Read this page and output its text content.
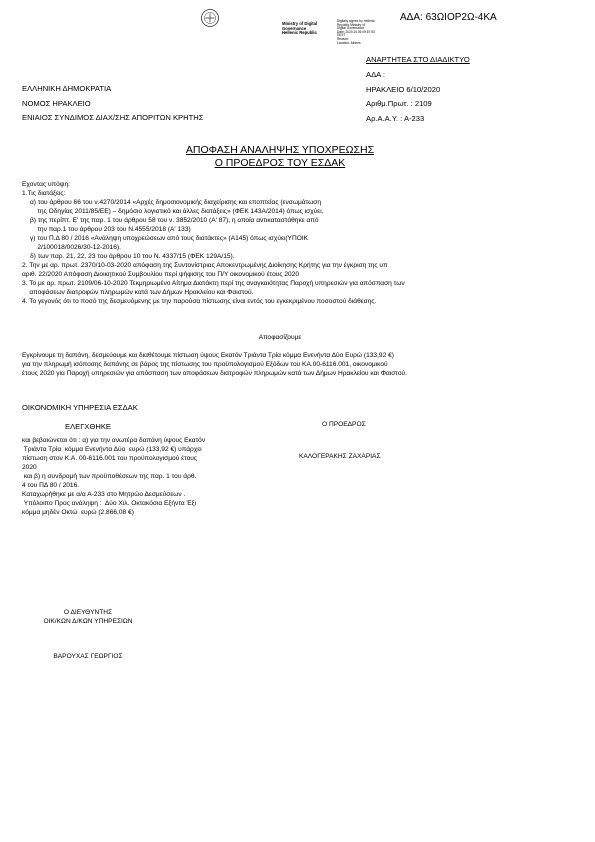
ΑΔΑ: 63ΩΙΟΡ2Ω-4ΚΑ
Ministry of Digital
Governance
Hellenic Republic
Digitally signed by Hellenic
Republic Ministry of
Digital Governance
Date: 2020.10.06 09:57:53
EEST
Reason:
Location: Athens
ΑΝΑΡΤΗΤΕΑ ΣΤΟ ΔΙΑΔΙΚΤΥΟ
ΑΔΑ :
ΗΡΑΚΛΕΙΟ 6/10/2020
Αριθμ.Πρωτ. : 2109
Αρ.Α.Α.Υ. : Α-233
ΕΛΛΗΝΙΚΗ ΔΗΜΟΚΡΑΤΙΑ
ΝΟΜΟΣ ΗΡΑΚΛΕΙΟ
ΕΝΙΑΙΟΣ ΣΥΝΔΙΜΟΣ ΔΙΑΧ/ΣΗΣ ΑΠΟΡΙΤΩΝ ΚΡΗΤΗΣ
ΑΠΟΦΑΣΗ ΑΝΑΛΗΨΗΣ ΥΠΟΧΡΕΩΣΗΣ
Ο ΠΡΟΕΔΡΟΣ ΤΟΥ ΕΣΔΑΚ
Εχοντας υπόψη:
1.Τις διατάξεις:
α) του άρθρου 66 του ν.4270/2014 «Αρχές δημοσιονομικής διαχείρισης και εποπτείας (ενσωμάτωση
της Οδηγίας 2011/85/ΕΕ) – δημόσιο λογιστικό και άλλες διατάξεις» (ΦΕΚ 143Α/2014) όπως ισχύει,
β) της περίπτ. Ε' της παρ. 1 του άρθρου 58 του ν. 3852/2010 (Α' 87), η οποία αντικαταστάθηκε από
την παρ.1 του άρθρου 203 του Ν.4555/2018 (Α' 133)
γ) του Π.Δ 80 / 2016 «Ανάληψη υποχρεώσεων από τους διατάκτες» (Α145) όπως ισχύει(ΥΠΟΙΚ
2/100018/0026/30-12-2016).
δ) των παρ. 21, 22, 23 του άρθρου 10 του Ν. 4337/15 (ΦΕΚ 129Α/15).
2. Την με αρ. πρωτ. 2370/10-03-2020 απόφαση της Συντονίστριας Αποκεντρωμένης Διοίκησης Κρήτης για την έγκριση της υπ
αριθ. 22/2020 Απόφαση Διοικητικού Συμβουλίου περί ψήφισης του Π/Υ οικονομικού έτους 2020
3. Το με αρ. πρωτ. 2109/06-10-2020 Τεκμηριωμένο Αίτημα Διατάκτη περί της αναγκαιότητας Παροχή υπηρεσιών για απόσπαση των
αποφάσεων διατροφών πληρωμών κατά των Δήμων Ηρακλείου και Φαιστού.
4. Το γεγονός ότι το ποσό της δεσμευόμενης με την παρούσα πίστωσης είναι εντός του εγκεκριμένου ποσοστού διάθεσης.
Αποφασίζουμε
Εγκρίνουμε τη δαπάνη, δεσμεύουμε και διαθέτουμε πίστωση ύψους Εκατόν Τριάντα Τρία κόμμα Ενενήντα Δύο Ευρώ (133,92 €)
για την πληρωμή ισόποσης δαπάνης σε βάρος της πίστωσης του προϋπολογισμού Εξόδων του ΚΑ.00-6116.001, οικονομικού
έτους 2020 για Παροχή υπηρεσιών για απόσπαση των αποφάσεων διατροφών πληρωμών κατά των Δήμων Ηρακλείου και Φαιστού.
ΟΙΚΟΝΟΜΙΚΗ ΥΠΗΡΕΣΙΑ ΕΣΔΑΚ
ΕΛΕΓΧΘΗΚΕ
και βεβαιώνεται ότι : α) για την ανωτέρα δαπάνη ύψους Εκατόν
Τριάντα Τρία  κόμμα Ενενήντα Δύο  ευρώ (133,92 €) υπάρχει
πίστωση στον Κ.Α. 00-6116.001 του προϋπολογισμού έτους
2020
και β) η συνδρομή των προϋποθέσεων της παρ. 1 του άρθ.
4 του ΠΔ 80 / 2016.
Καταχωρήθηκε με α/α Α-233 στο Μητρώο Δεσμεύσεων .
Υπόλοιπο Προς ανάληψη :  Δύο Χιλ. Οκτακόσια Εξήντα Έξι
κόμμα μηδέν Οκτώ  ευρώ (2.866,08 €)
Ο ΠΡΟΕΔΡΟΣ
ΚΑΛΟΓΕΡΑΚΗΣ ΖΑΧΑΡΙΑΣ
Ο ΔΙΕΥΘΥΝΤΗΣ
ΟΙΚ/ΚΩΝ Δ/ΚΩΝ ΥΠΗΡΕΣΙΩΝ
ΒΑΡΟΥΧΑΣ ΓΕΩΡΓΙΟΣ
